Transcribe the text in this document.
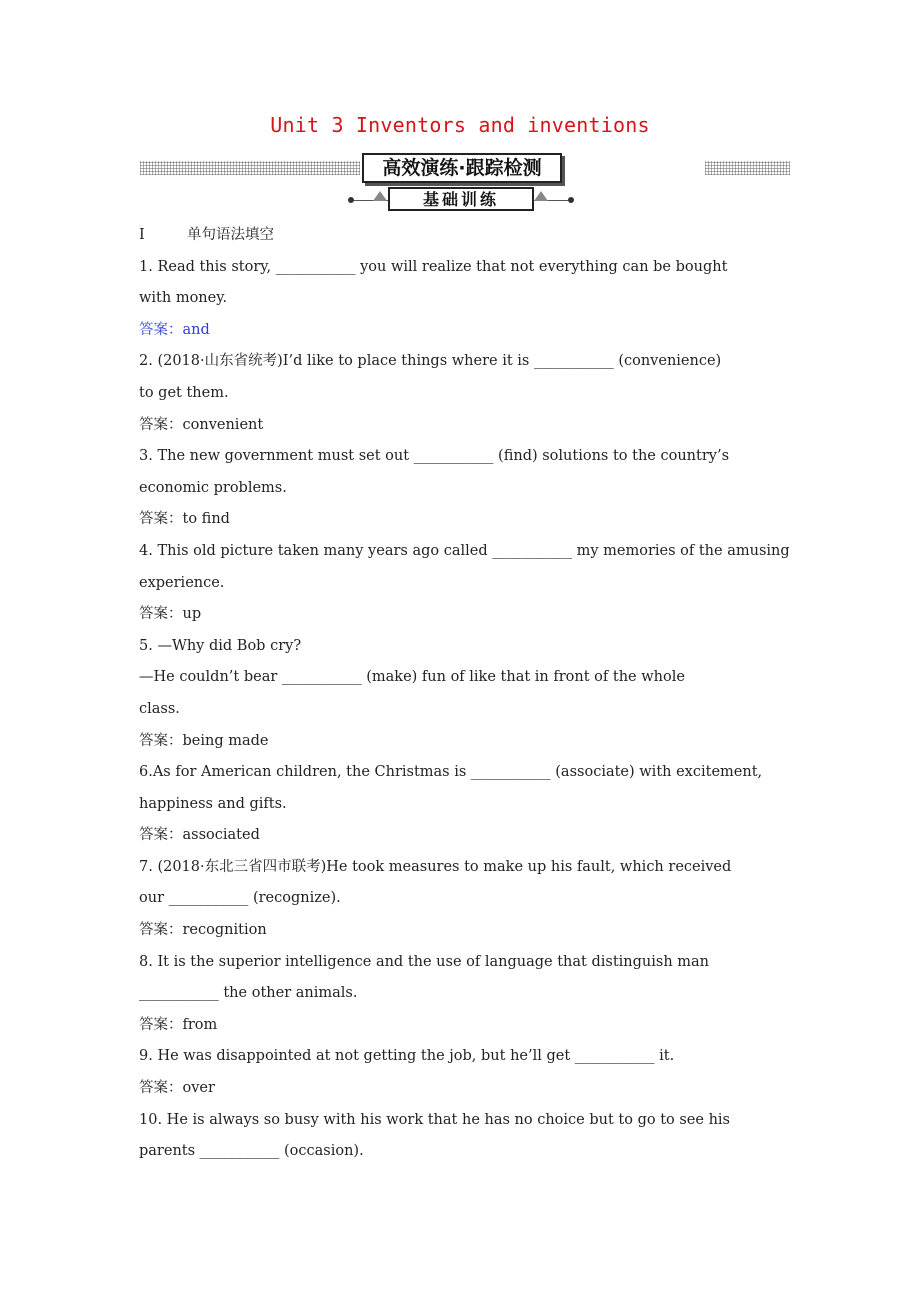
Unit 3 Inventors and inventions
高效演练·跟踪检测
基础训练

Ⅰ	单句语法填空

1. Read this story, ___________ you will realize that not everything can be bought

with money.

答案：and

2. (2018·山东省统考)I’d like to place things where it is ___________ (convenience)

to get them.

答案：convenient

3. The new government must set out ___________ (find) solutions to the country’s

economic problems.

答案：to find

4. This old picture taken many years ago called ___________ my memories of the amusing

experience.

答案：up

5. —Why did Bob cry?

—He couldn’t bear ___________ (make) fun of like that in front of the whole

class.

答案：being made

6.As for American children, the Christmas is ___________ (associate) with excitement,

happiness and gifts.

答案：associated

7. (2018·东北三省四市联考)He took measures to make up his fault, which received

our ___________ (recognize).

答案：recognition

8. It is the superior intelligence and the use of language that distinguish man

___________ the other animals.

答案：from

9. He was disappointed at not getting the job, but he’ll get ___________ it.

答案：over

10. He is always so busy with his work that he has no choice but to go to see his

parents ___________ (occasion).
